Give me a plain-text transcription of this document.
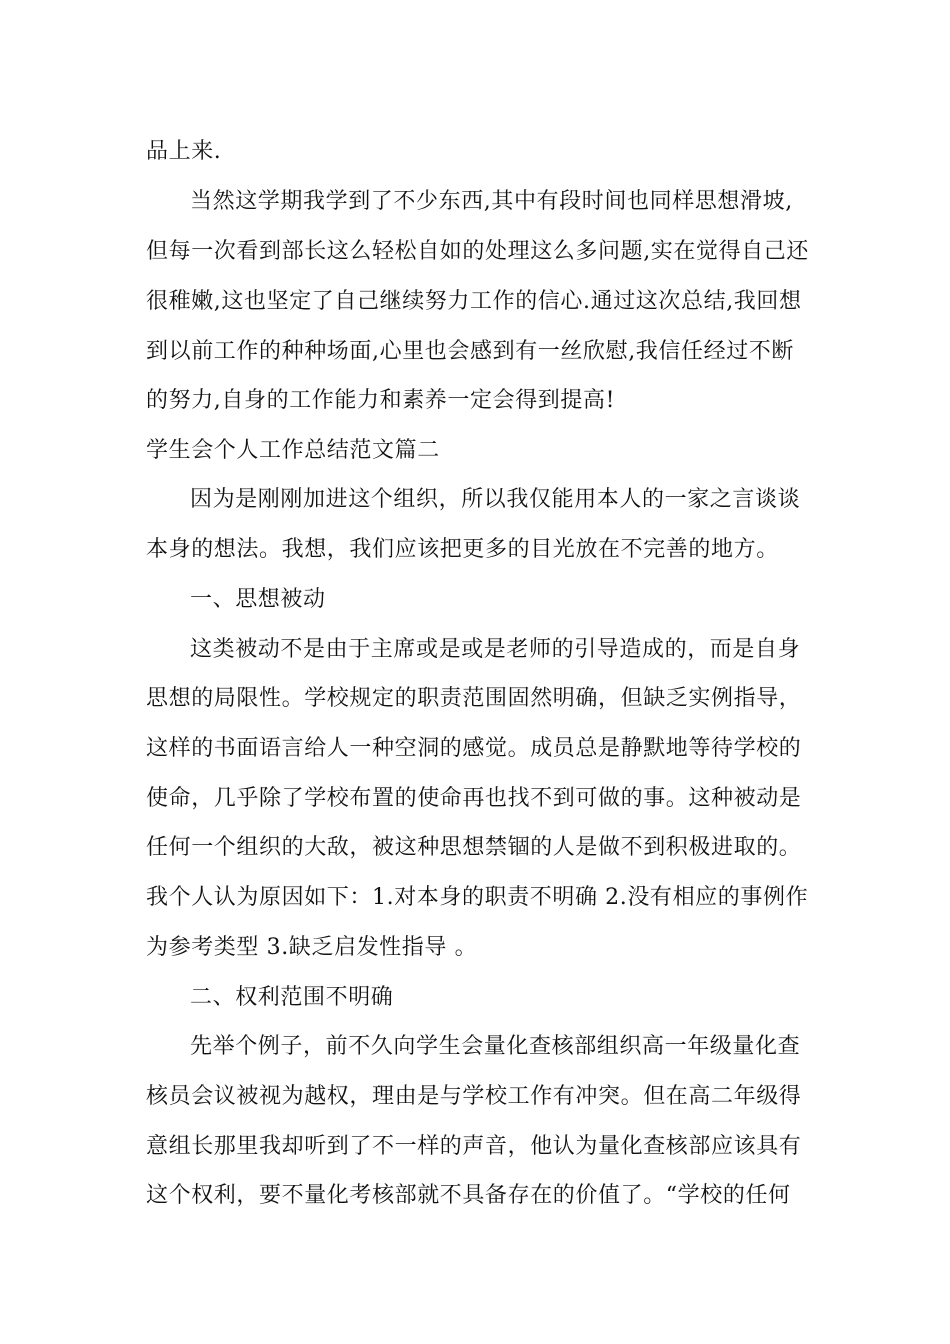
品上来.
当然这学期我学到了不少东西,其中有段时间也同样思想滑坡,
但每一次看到部长这么轻松自如的处理这么多问题,实在觉得自己还
很稚嫩,这也坚定了自己继续努力工作的信心.通过这次总结,我回想
到以前工作的种种场面,心里也会感到有一丝欣慰,我信任经过不断
的努力,自身的工作能力和素养一定会得到提高!
学生会个人工作总结范文篇二
因为是刚刚加进这个组织，所以我仅能用本人的一家之言谈谈
本身的想法。我想，我们应该把更多的目光放在不完善的地方。
一、思想被动
这类被动不是由于主席或是或是老师的引导造成的，而是自身
思想的局限性。学校规定的职责范围固然明确，但缺乏实例指导，
这样的书面语言给人一种空洞的感觉。成员总是静默地等待学校的
使命，几乎除了学校布置的使命再也找不到可做的事。这种被动是
任何一个组织的大敌，被这种思想禁锢的人是做不到积极进取的。
我个人认为原因如下：1.对本身的职责不明确 2.没有相应的事例作
为参考类型 3.缺乏启发性指导 。
二、权利范围不明确
先举个例子，前不久向学生会量化查核部组织高一年级量化查
核员会议被视为越权，理由是与学校工作有冲突。但在高二年级得
意组长那里我却听到了不一样的声音，他认为量化查核部应该具有
这个权利，要不量化考核部就不具备存在的价值了。“学校的任何
